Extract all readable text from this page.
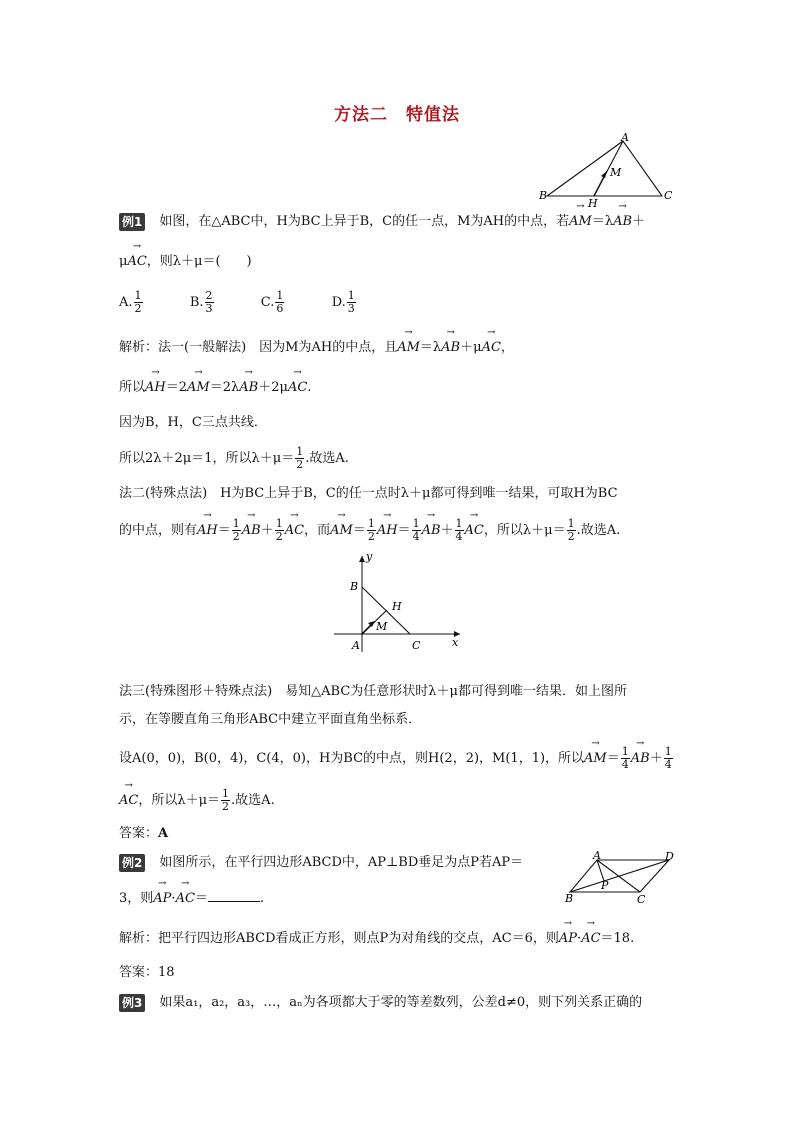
方法二 特值法
A
B	C
H
M
例1 如图，在△ABC中，H为BC上异于B，C的任一点，M为AH的中点，若→ AM＝λ→ AB＋
μ→ AC，则λ＋μ＝(　　)
A. $\frac{1}{2}$	B. $\frac{2}{3}$	C. $\frac{1}{6}$	D. $\frac{1}{3}$
解析：法一(一般解法)　 因为M为AH的中点，且→ AM＝λ→ AB＋μ→ AC，
所以→ AH＝2→ AM＝2λ→ AB＋2μ→ AC.
因为B，H，C三点共线．
所以2λ＋2μ＝1，所以$\lambda+\mu= \frac{1}{2}$ .故选A.
法二(特殊点法)　 H为BC上异于B，C的任一点时λ＋μ都可得到唯一结果，可取H为BC
的中点，则有→ $AH= \frac{1}{2}$
→ $AB+ \frac{1}{2}$
→ AC，而→ $AM= \frac{1}{2}$
→ $AH= \frac{1}{4}$
→ $AB+ \frac{1}{4}$
→ AC，所以$\lambda+\mu= \frac{1}{2}$ .故选A.
y
x
B
H
M
A	C
法三(特殊图形＋特殊点法)　 易知△ABC为任意形状时λ＋μ都可得到唯一结果．如上图所
示，在等腰直角三角形ABC中建立平面直角坐标系．
设A(0，0)，B(0，4)，C(4，0)，H为BC的中点，则H(2，2)，M(1，1)，所以→ $AM= \frac{1}{4}$
→ $AB+ \frac{1}{4}$
→ AC，所以$\lambda+\mu= \frac{1}{2}$ .故选A.
答案：A
例2 如图所示，在平行四边形ABCD中，AP⊥BD垂足为点P若AP＝
3，则→ AP·→ AC＝	.
A	D
B	C
P
解析：把平行四边形ABCD看成正方形，则点P为对角线的交点，AC＝6，则→ AP·→ AC＝18.
答案：18
例3 如果a₁，a₂，a₃，…，aₙ为各项都大于零的等差数列，公差d≠0，则下列关系正确的
